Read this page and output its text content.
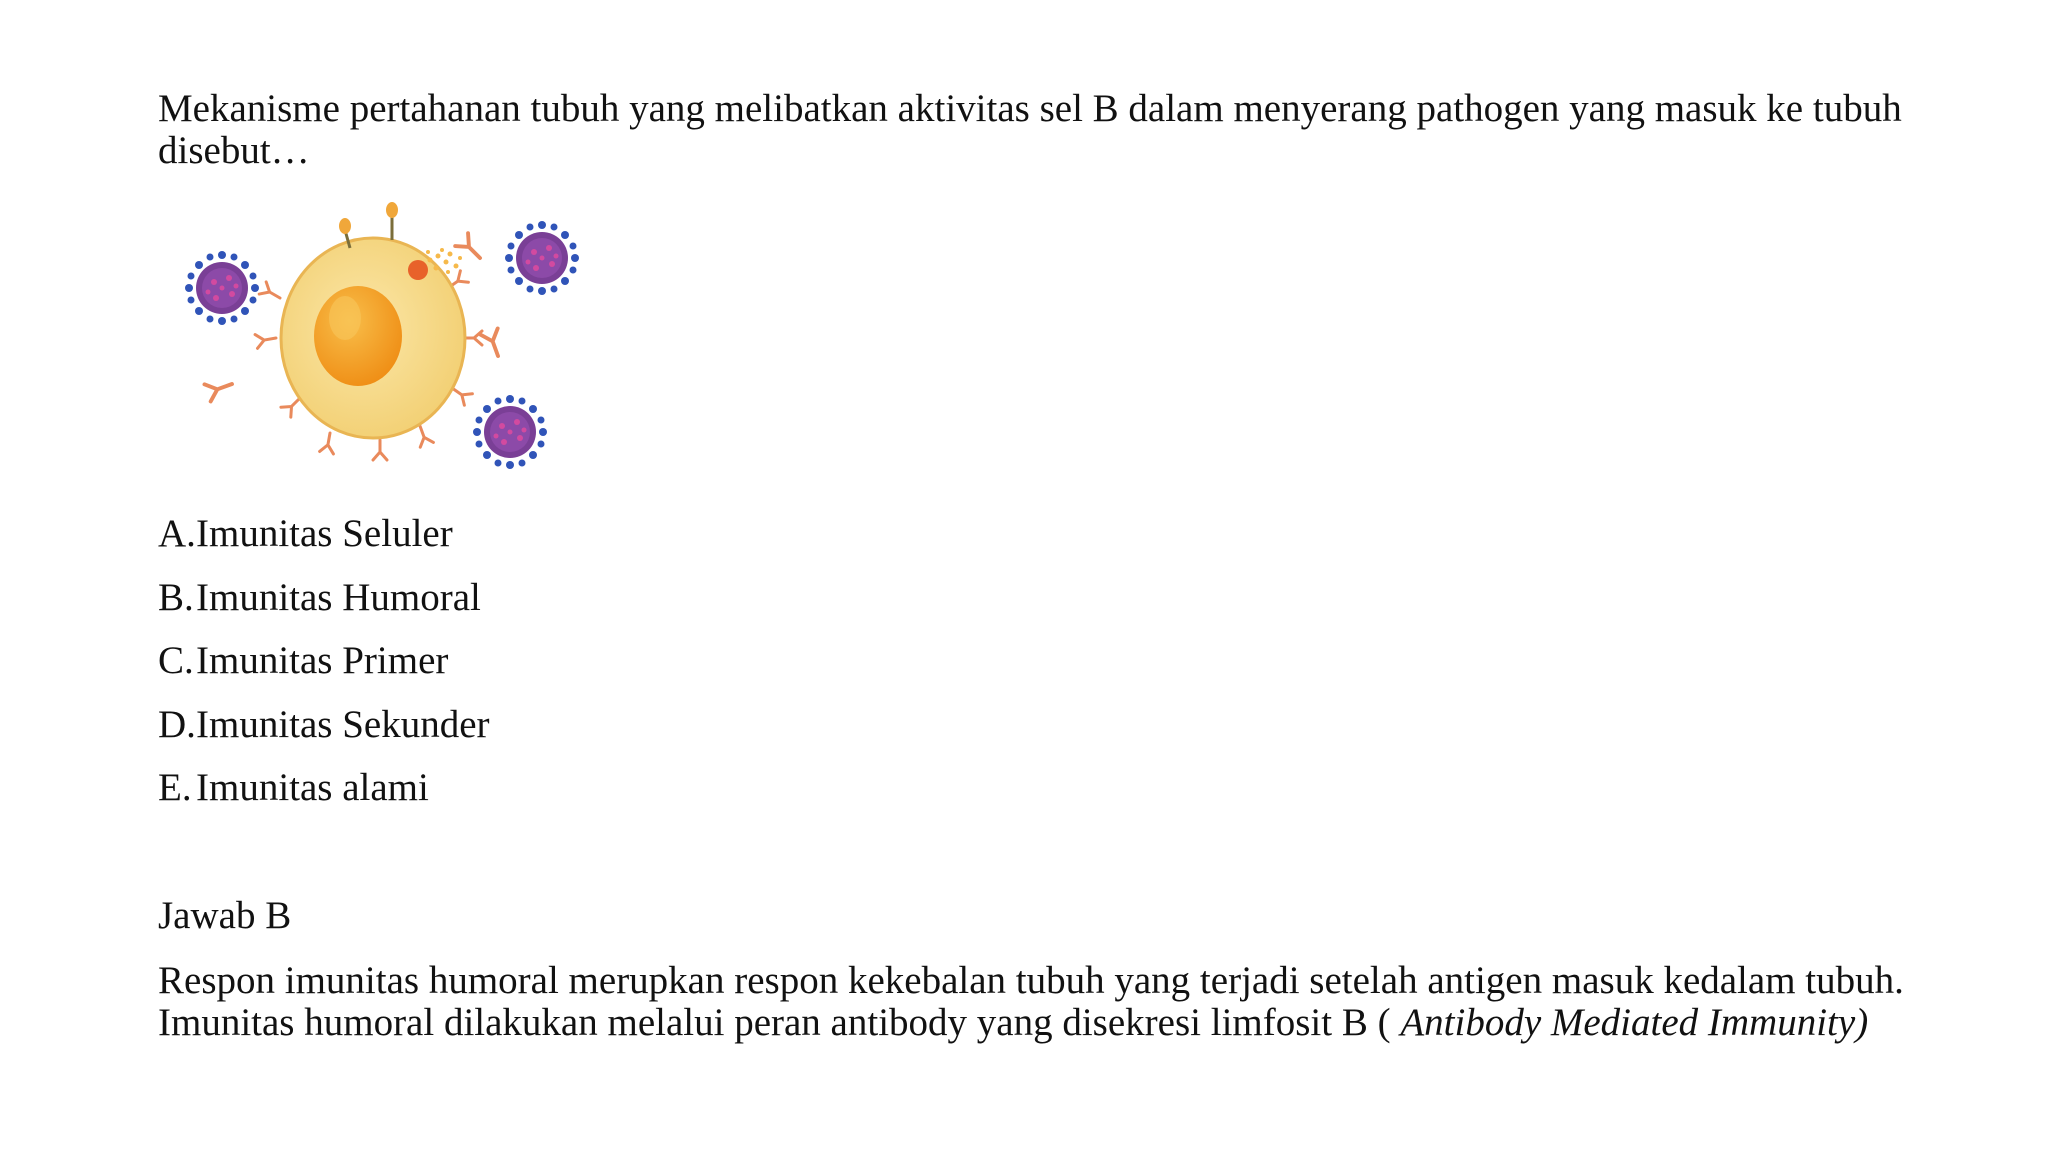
Mekanisme pertahanan tubuh yang melibatkan aktivitas sel B dalam menyerang pathogen yang masuk ke tubuh disebut…

A. Imunitas Seluler
B. Imunitas Humoral
C. Imunitas Primer
D. Imunitas Sekunder
E. Imunitas alami

Jawab B

Respon imunitas humoral merupkan respon kekebalan tubuh yang terjadi setelah antigen masuk kedalam tubuh.
Imunitas humoral dilakukan melalui peran antibody yang disekresi limfosit B ( Antibody Mediated Immunity)
